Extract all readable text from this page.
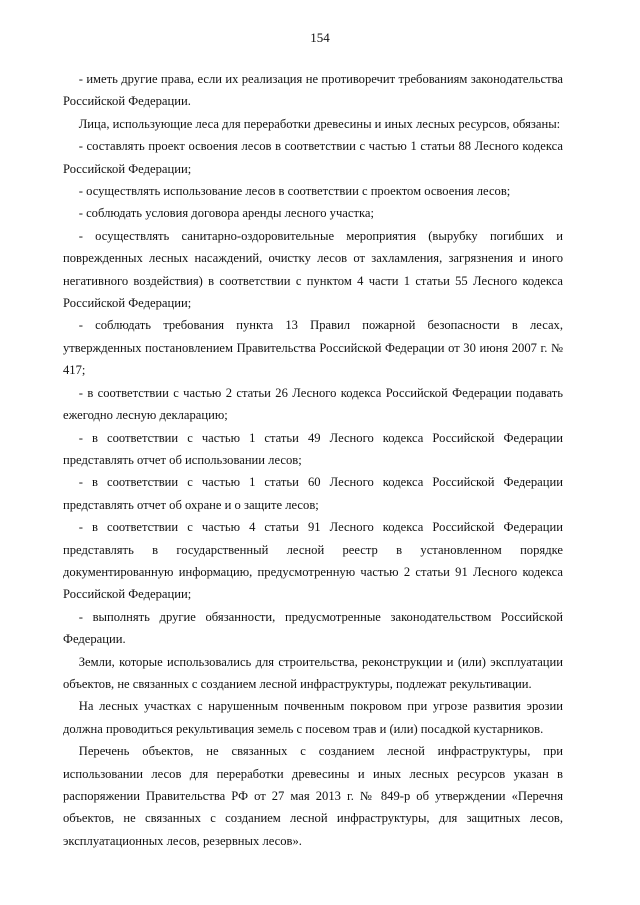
154

- иметь другие права, если их реализация не противоречит требованиям законодательства Российской Федерации.

Лица, использующие леса для переработки древесины и иных лесных ресурсов, обязаны:

- составлять проект освоения лесов в соответствии с частью 1 статьи 88 Лесного кодекса Российской Федерации;

- осуществлять использование лесов в соответствии с проектом освоения лесов;

- соблюдать условия договора аренды лесного участка;

- осуществлять санитарно-оздоровительные мероприятия (вырубку погибших и поврежденных лесных насаждений, очистку лесов от захламления, загрязнения и иного негативного воздействия) в соответствии с пунктом 4 части 1 статьи 55 Лесного кодекса Российской Федерации;

- соблюдать требования пункта 13 Правил пожарной безопасности в лесах, утвержденных постановлением Правительства Российской Федерации от 30 июня 2007 г. № 417;

- в соответствии с частью 2 статьи 26 Лесного кодекса Российской Федерации подавать ежегодно лесную декларацию;

- в соответствии с частью 1 статьи 49 Лесного кодекса Российской Федерации представлять отчет об использовании лесов;

- в соответствии с частью 1 статьи 60 Лесного кодекса Российской Федерации представлять отчет об охране и о защите лесов;

- в соответствии с частью 4 статьи 91 Лесного кодекса Российской Федерации представлять в государственный лесной реестр в установленном порядке документированную информацию, предусмотренную частью 2 статьи 91 Лесного кодекса Российской Федерации;

- выполнять другие обязанности, предусмотренные законодательством Российской Федерации.

Земли, которые использовались для строительства, реконструкции и (или) эксплуатации объектов, не связанных с созданием лесной инфраструктуры, подлежат рекультивации.

На лесных участках с нарушенным почвенным покровом при угрозе развития эрозии должна проводиться рекультивация земель с посевом трав и (или) посадкой кустарников.

Перечень объектов, не связанных с созданием лесной инфраструктуры, при использовании лесов для переработки древесины и иных лесных ресурсов указан в распоряжении Правительства РФ от 27 мая 2013 г. № 849-р об утверждении «Перечня объектов, не связанных с созданием лесной инфраструктуры, для защитных лесов, эксплуатационных лесов, резервных лесов».
